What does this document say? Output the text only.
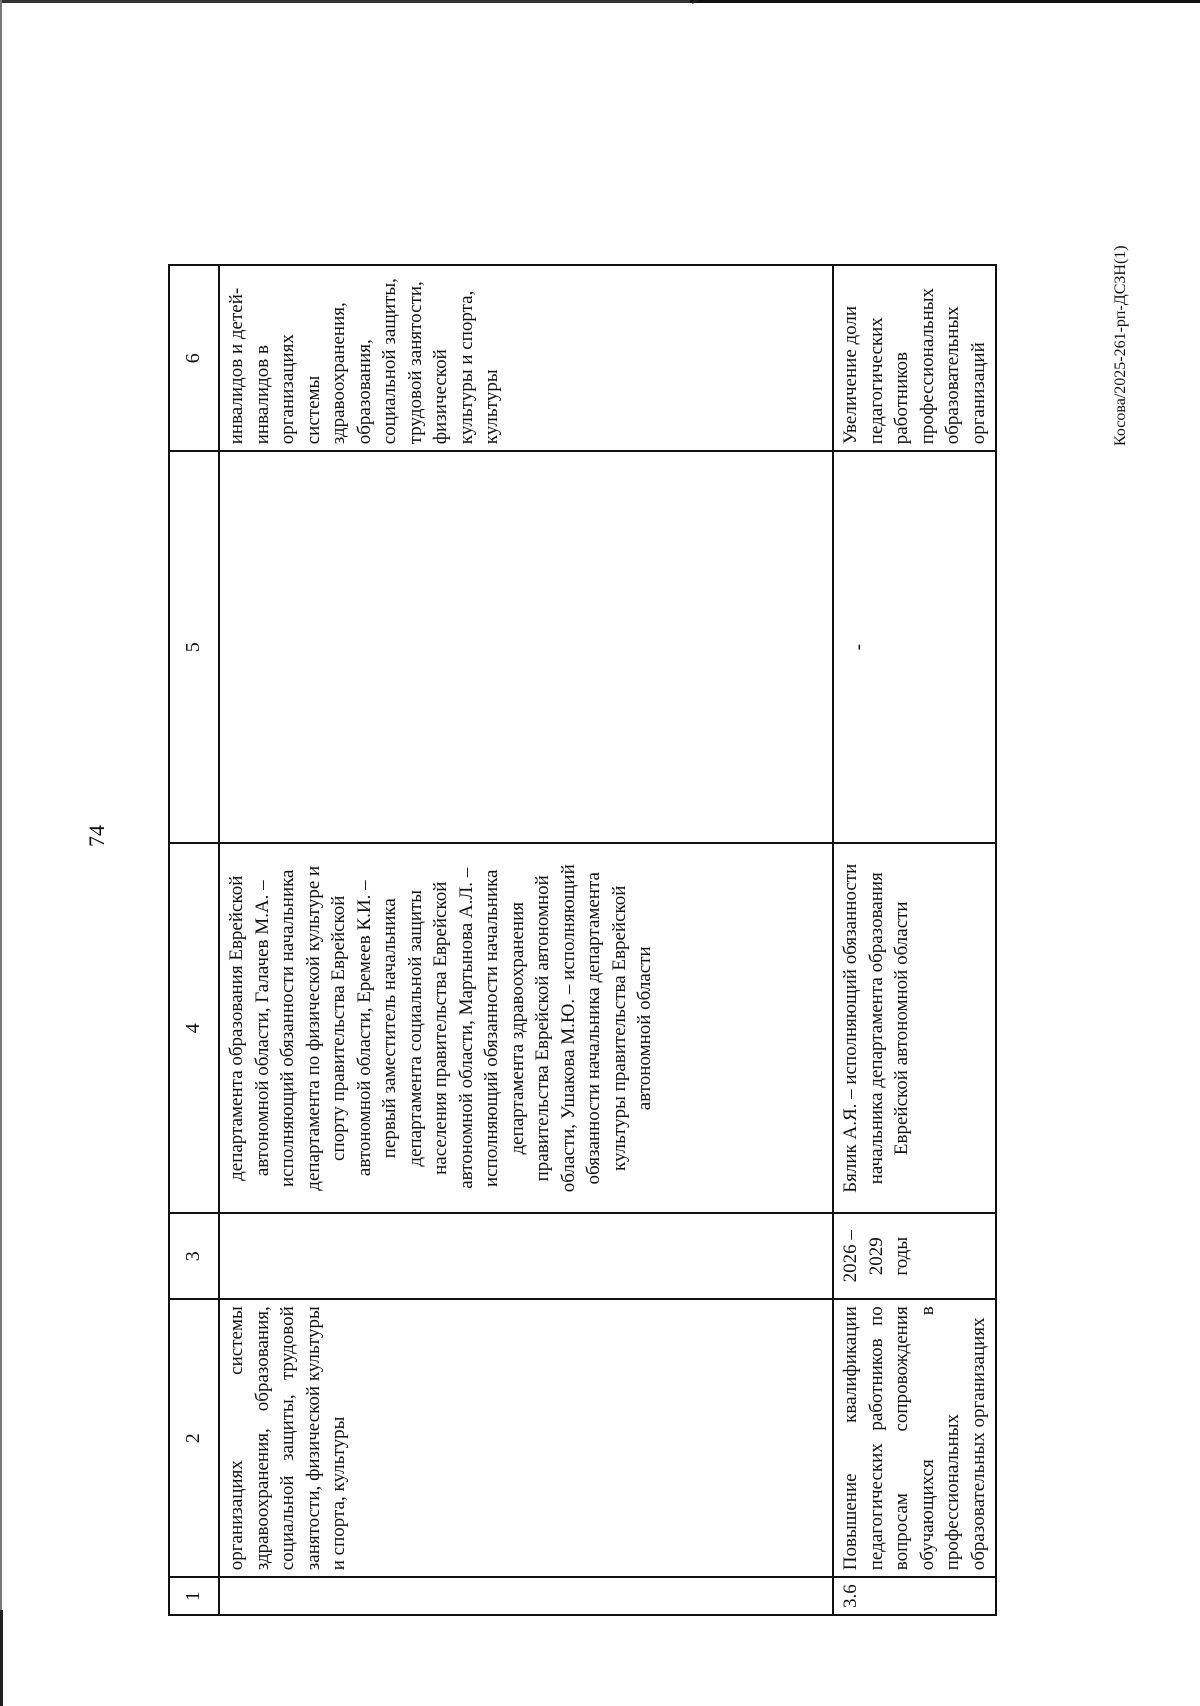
74
1	2	3	4	5	6
	организациях системы здравоохранения, образования, социальной защиты, трудовой занятости, физической культуры и спорта, культуры		департамента образования Еврейской автономной области, Галачев М.А. – исполняющий обязанности начальника департамента по физической культуре и спорту правительства Еврейской автономной области, Еремеев К.И. – первый заместитель начальника департамента социальной защиты населения правительства Еврейской автономной области, Мартынова А.Л. – исполняющий обязанности начальника департамента здравоохранения правительства Еврейской автономной области, Ушакова М.Ю. – исполняющий обязанности начальника департамента культуры правительства Еврейской автономной области		инвалидов и детей-инвалидов в организациях системы здравоохранения, образования, социальной защиты, трудовой занятости, физической культуры и спорта, культуры
3.6	Повышение квалификации педагогических работников по вопросам сопровождения обучающихся в профессиональных образовательных организациях	2026 – 2029 годы	Бялик А.Я. – исполняющий обязанности начальника департамента образования Еврейской автономной области	-	Увеличение доли педагогических работников профессиональных образовательных организаций	Косова/2025-261-рп-ДСЗН(1)
